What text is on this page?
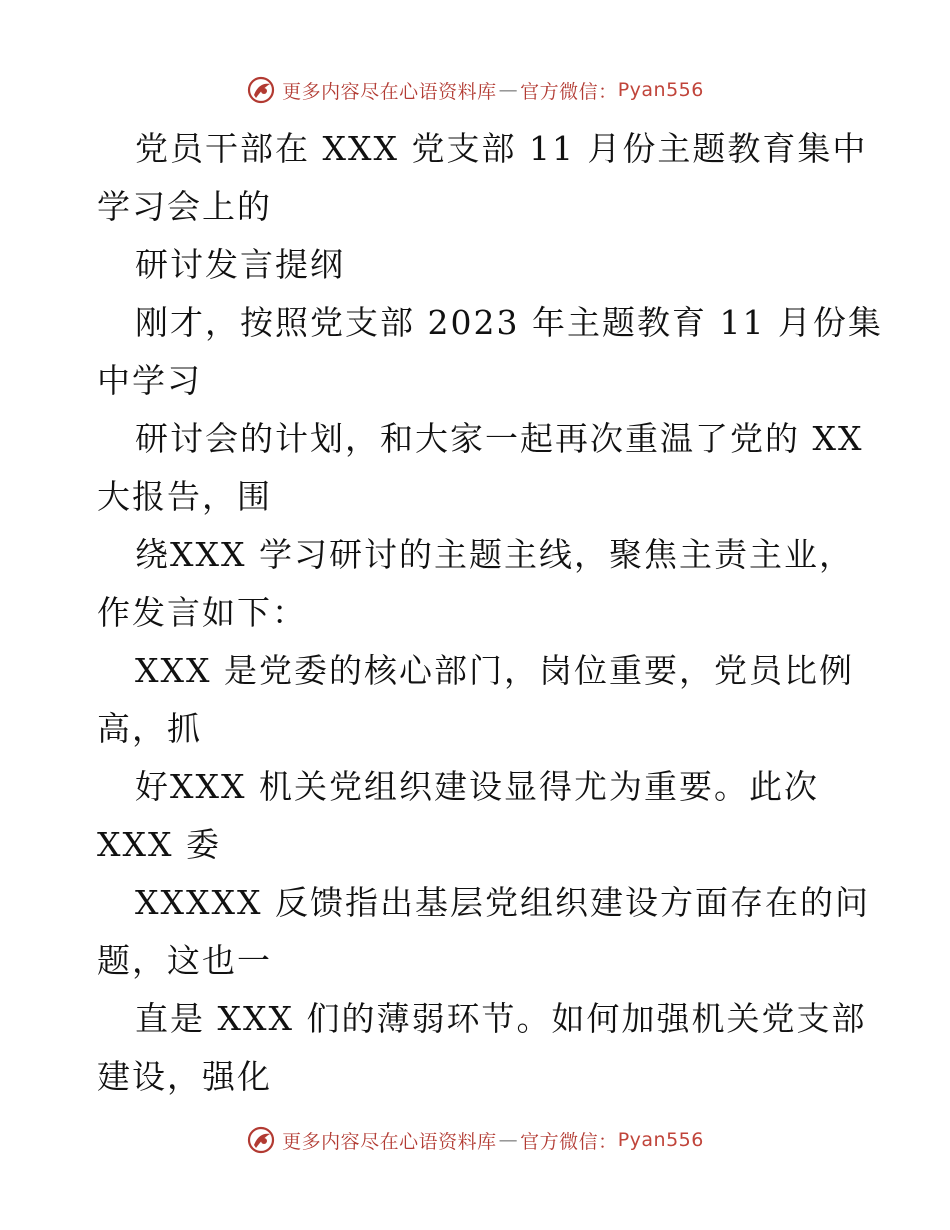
更多内容尽在心语资料库 — 官方微信： Pyan556
党员干部在 XXX 党支部 11 月份主题教育集中
学习会上的
研讨发言提纲
刚才，按照党支部 2023 年主题教育 11 月份集
中学习
研讨会的计划，和大家一起再次重温了党的 XX
大报告，围
绕XXX 学习研讨的主题主线，聚焦主责主业，
作发言如下：
XXX 是党委的核心部门，岗位重要，党员比例
高，抓
好XXX 机关党组织建设显得尤为重要。此次
XXX 委
XXXXX 反馈指出基层党组织建设方面存在的问
题，这也一
直是 XXX 们的薄弱环节。如何加强机关党支部
建设，强化
更多内容尽在心语资料库 — 官方微信： Pyan556
